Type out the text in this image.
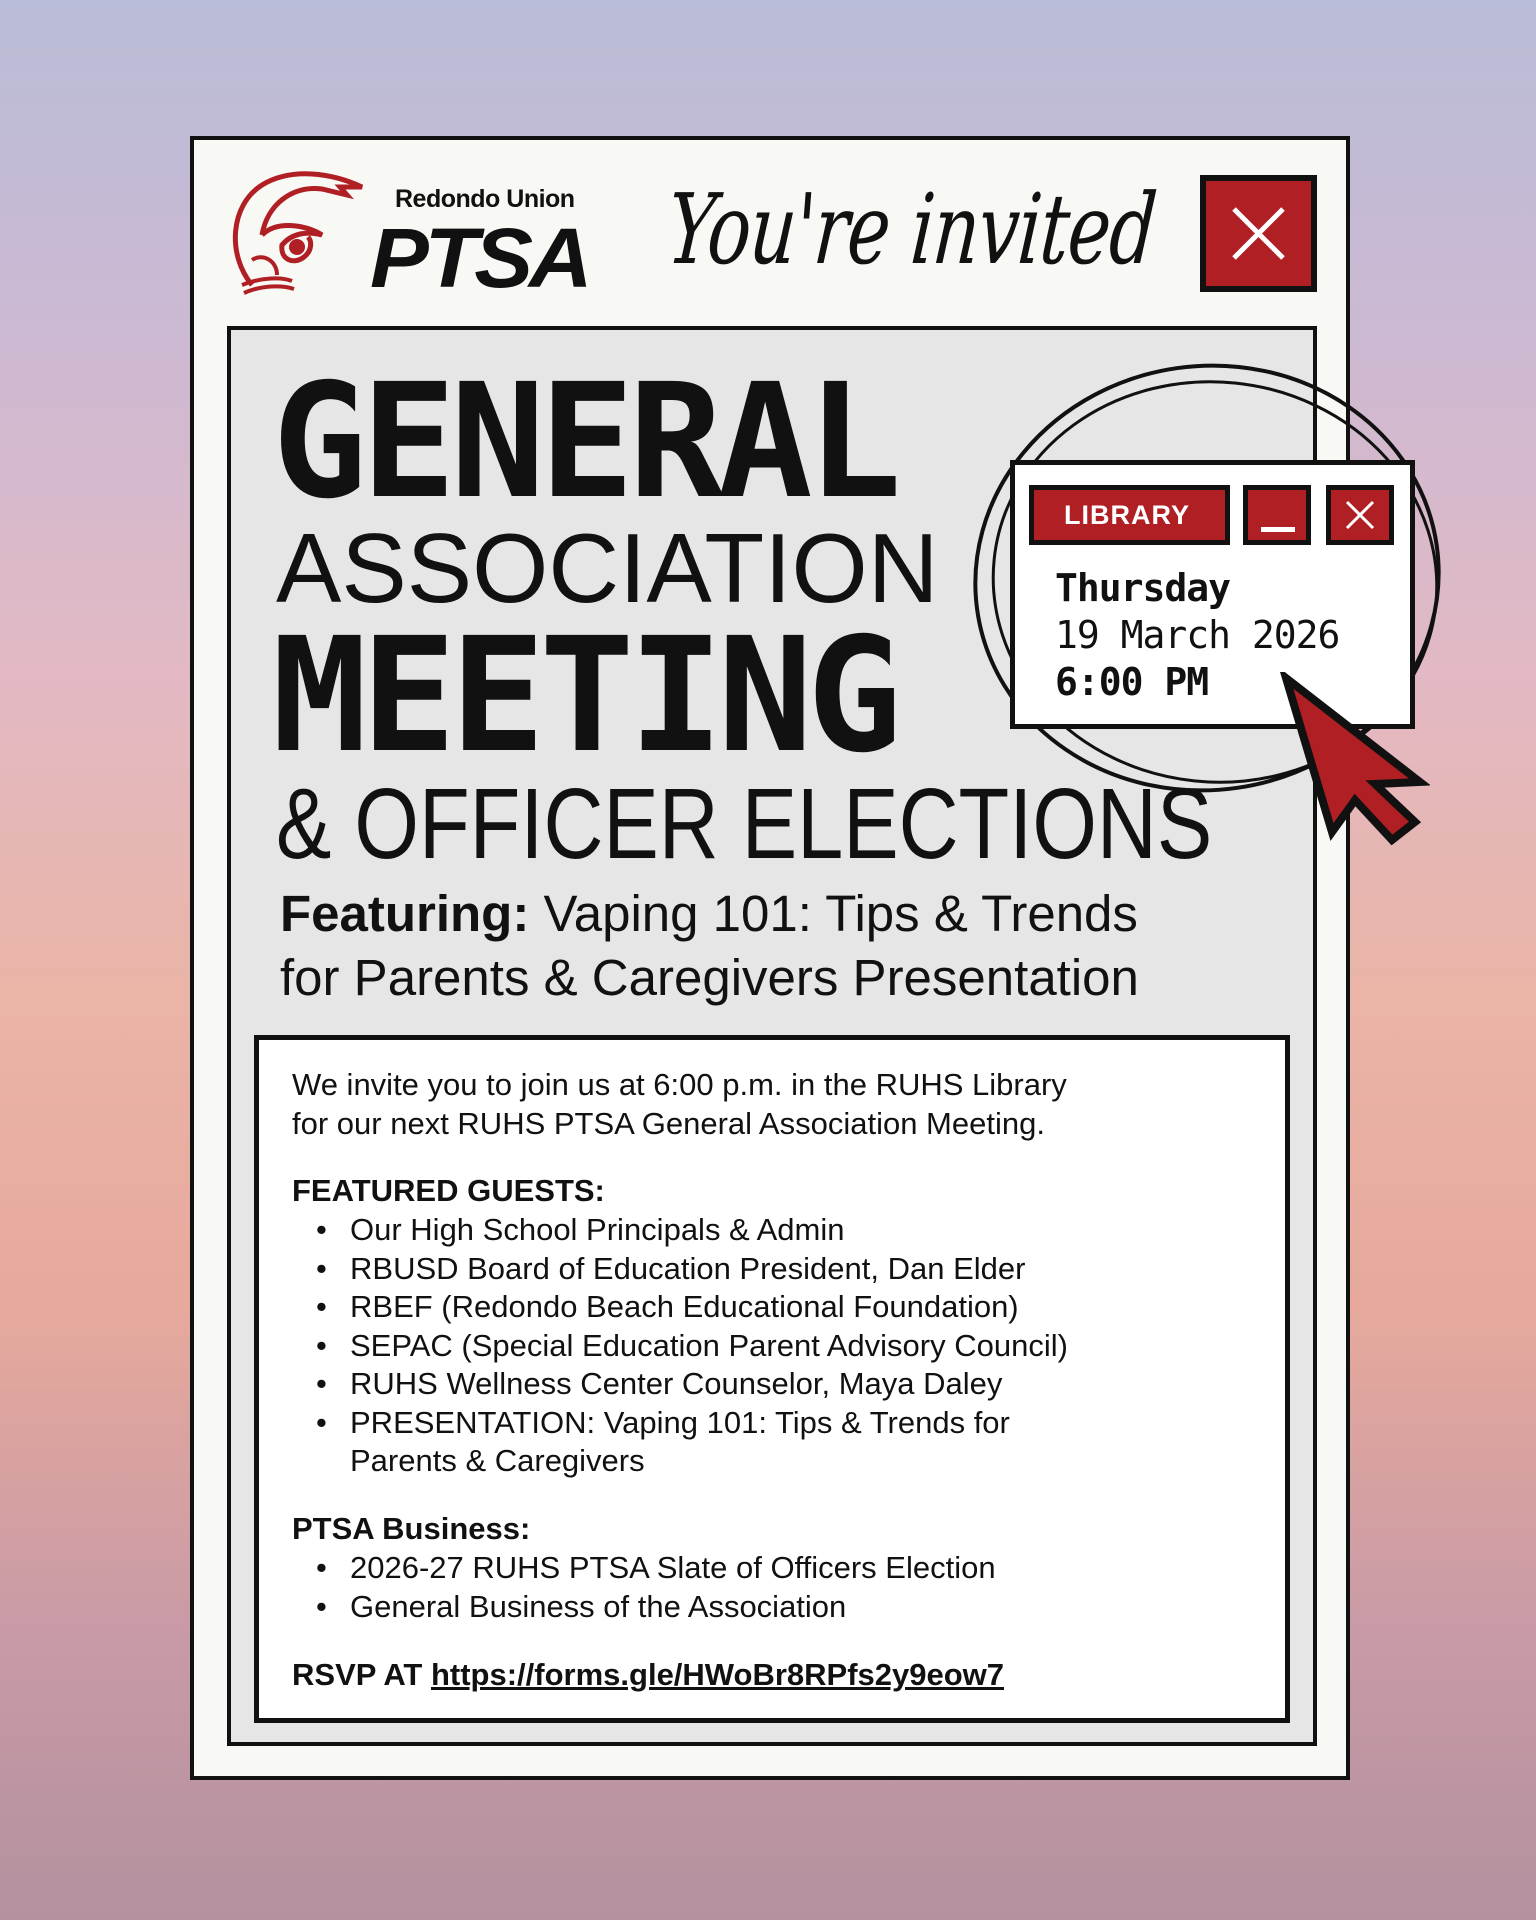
Redondo Union
PTSA You're invited
GENERAL
ASSOCIATION
MEETING
& OFFICER ELECTIONS
Featuring: Vaping 101: Tips & Trends
for Parents & Caregivers Presentation
LIBRARY
Thursday
19 March 2026
6:00 PM
We invite you to join us at 6:00 p.m. in the RUHS Library
for our next RUHS PTSA General Association Meeting.
FEATURED GUESTS:
• Our High School Principals & Admin
• RBUSD Board of Education President, Dan Elder
• RBEF (Redondo Beach Educational Foundation)
• SEPAC (Special Education Parent Advisory Council)
• RUHS Wellness Center Counselor, Maya Daley
• PRESENTATION: Vaping 101: Tips & Trends for
Parents & Caregivers
PTSA Business:
• 2026-27 RUHS PTSA Slate of Officers Election
• General Business of the Association
RSVP AT https://forms.gle/HWoBr8RPfs2y9eow7
